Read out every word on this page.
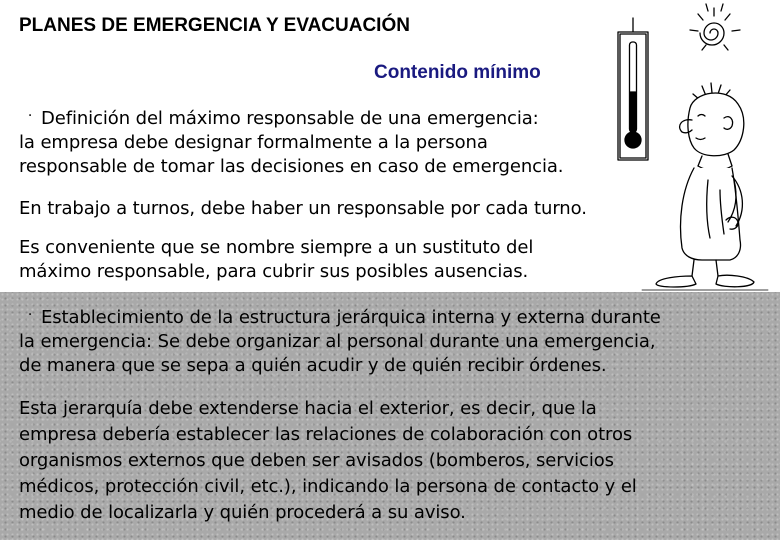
PLANES DE EMERGENCIA Y EVACUACIÓN
Contenido mínimo

· Definición del máximo responsable de una emergencia:
la empresa debe designar formalmente a la persona
responsable de tomar las decisiones en caso de emergencia.

En trabajo a turnos, debe haber un responsable por cada turno.

Es conveniente que se nombre siempre a un sustituto del
máximo responsable, para cubrir sus posibles ausencias.

· Establecimiento de la estructura jerárquica interna y externa durante
la emergencia: Se debe organizar al personal durante una emergencia,
de manera que se sepa a quién acudir y de quién recibir órdenes.

Esta jerarquía debe extenderse hacia el exterior, es decir, que la
empresa debería establecer las relaciones de colaboración con otros
organismos externos que deben ser avisados (bomberos, servicios
médicos, protección civil, etc.), indicando la persona de contacto y el
medio de localizarla y quién procederá a su aviso.
